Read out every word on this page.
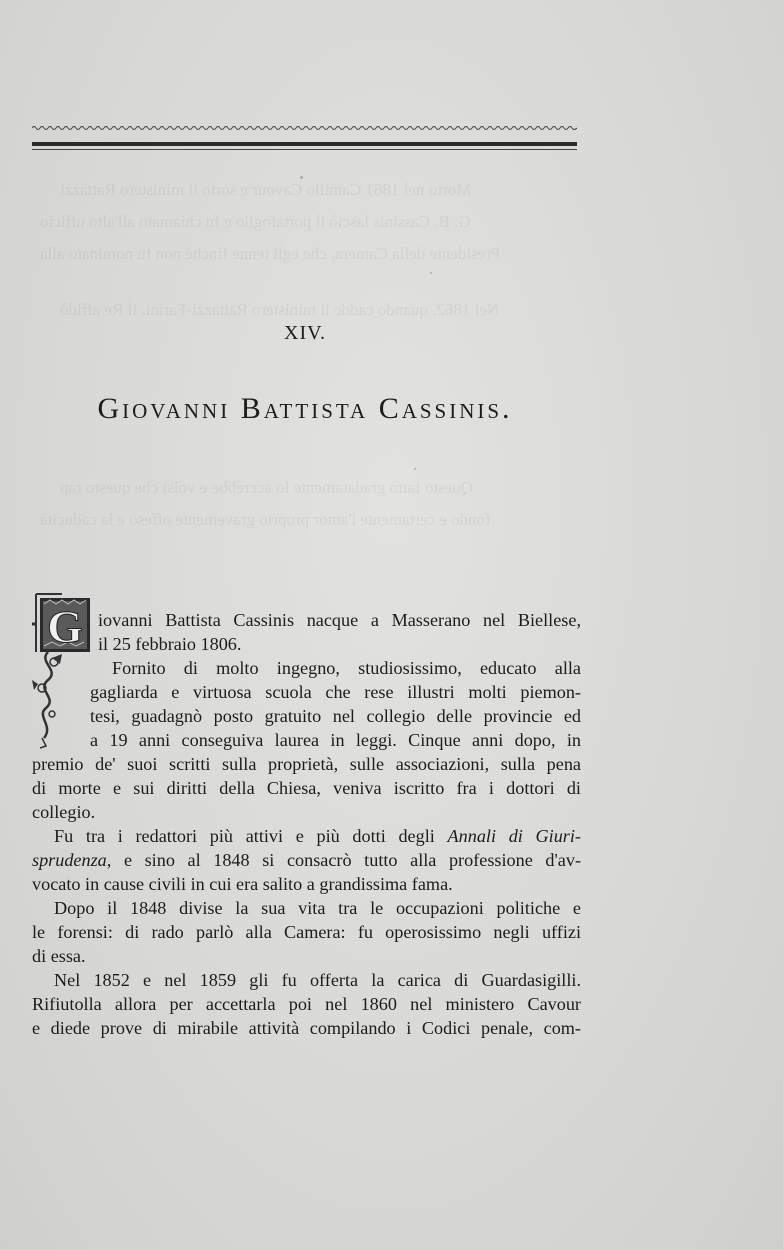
Morto nel 1861 Camillo Cavour e sorto il ministero Rattazzi
G. B. Cassinis lasciò il portafoglio e fu chiamato all'alto ufficio
Presidente della Camera, che egli tenne finchè non fu nominato alla
Nel 1862, quando cadde il ministero Rattazzi-Farini, il Re affidò
Questo fatto gradatamente lo accrebbe e volsi che questo rap
fondo e certamente l'amor proprio gravemente offeso e la caducità
XIV.
Giovanni Battista Cassinis.
G iovanni Battista Cassinis nacque a Masserano nel Biellese,
il 25 febbraio 1806.
Fornito di molto ingegno, studiosissimo, educato alla
gagliarda e virtuosa scuola che rese illustri molti piemon-
tesi, guadagnò posto gratuito nel collegio delle provincie ed
a 19 anni conseguiva laurea in leggi. Cinque anni dopo, in
premio de' suoi scritti sulla proprietà, sulle associazioni, sulla pena
di morte e sui diritti della Chiesa, veniva iscritto fra i dottori di
collegio.
Fu tra i redattori più attivi e più dotti degli Annali di Giuri-
sprudenza, e sino al 1848 si consacrò tutto alla professione d'av-
vocato in cause civili in cui era salito a grandissima fama.
Dopo il 1848 divise la sua vita tra le occupazioni politiche e
le forensi: di rado parlò alla Camera: fu operosissimo negli uffizi
di essa.
Nel 1852 e nel 1859 gli fu offerta la carica di Guardasigilli.
Rifiutolla allora per accettarla poi nel 1860 nel ministero Cavour
e diede prove di mirabile attività compilando i Codici penale, com-
